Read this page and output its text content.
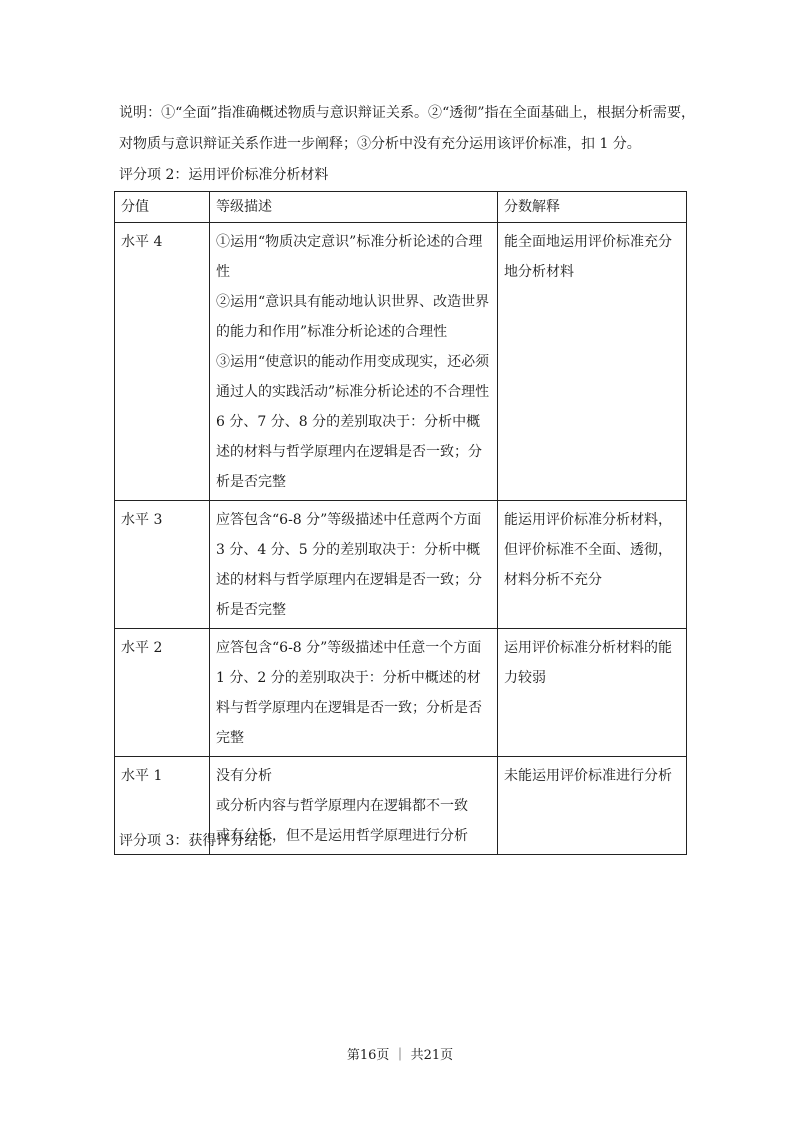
说明：①“全面”指准确概述物质与意识辩证关系。②“透彻”指在全面基础上，根据分析需要，对物质与意识辩证关系作进一步阐释；③分析中没有充分运用该评价标准，扣 1 分。

评分项 2：运用评价标准分析材料

分值	等级描述	分数解释
水平 4	①运用“物质决定意识”标准分析论述的合理性
②运用“意识具有能动地认识世界、改造世界的能力和作用”标准分析论述的合理性
③运用“使意识的能动作用变成现实，还必须通过人的实践活动”标准分析论述的不合理性
6 分、7 分、8 分的差别取决于：分析中概述的材料与哲学原理内在逻辑是否一致；分析是否完整	能全面地运用评价标准充分地分析材料
水平 3	应答包含“6-8 分”等级描述中任意两个方面
3 分、4 分、5 分的差别取决于：分析中概述的材料与哲学原理内在逻辑是否一致；分析是否完整	能运用评价标准分析材料，但评价标准不全面、透彻，材料分析不充分
水平 2	应答包含“6-8 分”等级描述中任意一个方面
1 分、2 分的差别取决于：分析中概述的材料与哲学原理内在逻辑是否一致；分析是否完整	运用评价标准分析材料的能力较弱
水平 1	没有分析
或分析内容与哲学原理内在逻辑都不一致
或有分析，但不是运用哲学原理进行分析	未能运用评价标准进行分析

评分项 3：获得评分结论

第16页 ｜ 共21页
